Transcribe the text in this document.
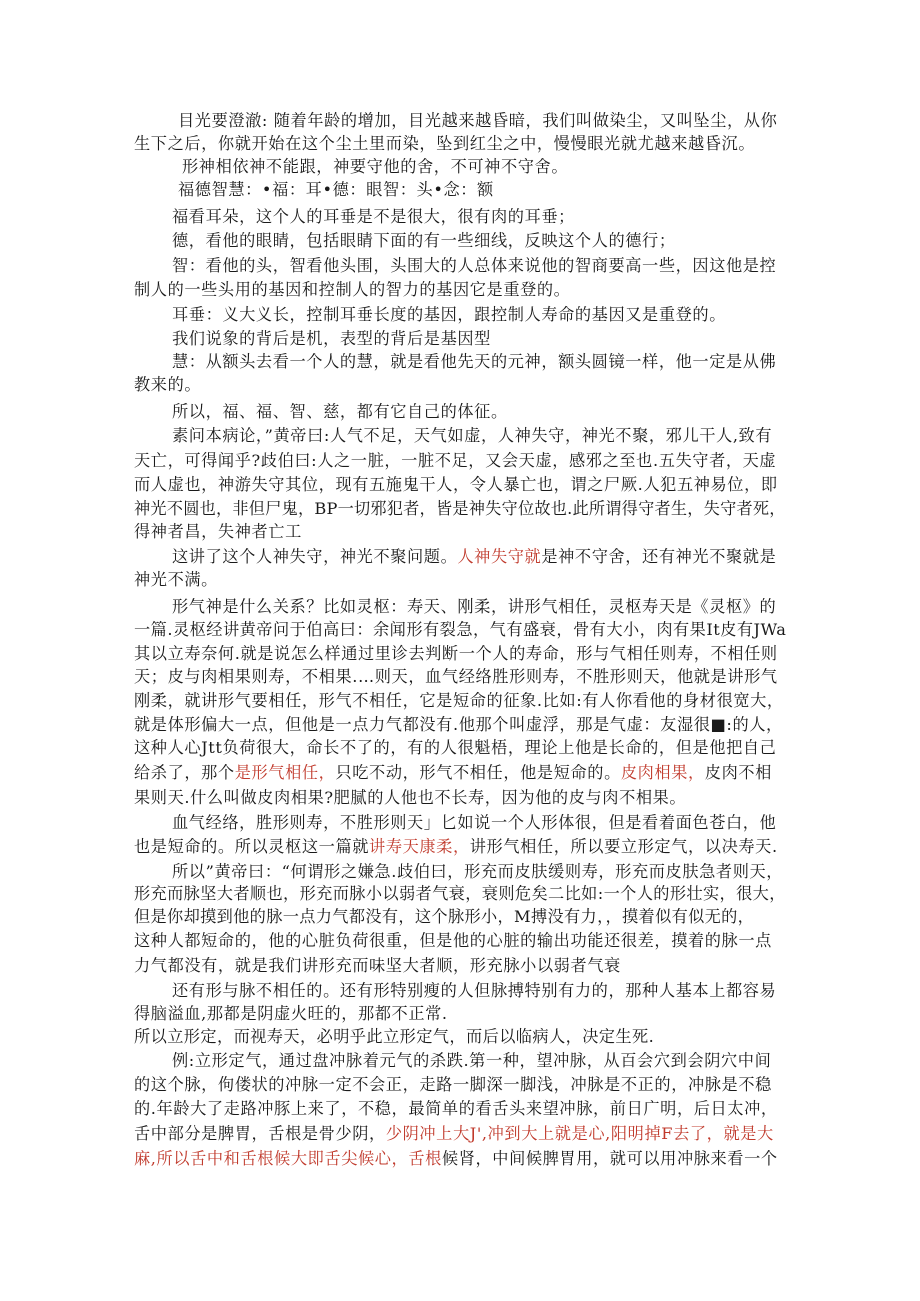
目光要澄澈: 随着年龄的增加，目光越来越昏暗，我们叫做染尘，又叫坠尘，从你
生下之后，你就开始在这个尘土里而染，坠到红尘之中，慢慢眼光就尤越来越昏沉。
形神相依神不能跟，神要守他的舍，不可神不守舍。
福德智慧：•福：耳•德：眼智：头•念：额
福看耳朵，这个人的耳垂是不是很大，很有肉的耳垂；
德，看他的眼睛，包括眼睛下面的有一些细线，反映这个人的德行；
智：看他的头，智看他头围，头围大的人总体来说他的智商要高一些，因这他是控
制人的一些头用的基因和控制人的智力的基因它是重登的。
耳垂：义大义长，控制耳垂长度的基因，跟控制人寿命的基因又是重登的。
我们说象的背后是机，表型的背后是基因型
慧：从额头去看一个人的慧，就是看他先天的元神，额头圆镜一样，他一定是从佛
教来的。
所以，福、福、智、慈，都有它自己的体征。
素问本病论，”黄帝曰:人气不足，天气如虚，人神失守，神光不聚，邪儿干人,致有
天亡，可得闻乎?歧伯曰:人之一脏，一脏不足，又会天虚，感邪之至也.五失守者，天虚
而人虚也，神游失守其位，现有五施鬼干人，令人暴亡也，谓之尸厥.人犯五神易位，即
神光不圆也，非但尸鬼，BP一切邪犯者，皆是神失守位故也.此所谓得守者生，失守者死，
得神者昌，失神者亡工
这讲了这个人神失守，神光不聚问题。人神失守就是神不守舍，还有神光不聚就是
神光不满。
形气神是什么关系？比如灵枢：寿天、刚柔，讲形气相任，灵枢寿天是《灵枢》的
一篇.灵枢经讲黄帝问于伯高曰：余闻形有裂急，气有盛衰，骨有大小，肉有果It皮有JWa
其以立寿奈何.就是说怎么样通过里诊去判断一个人的寿命，形与气相任则寿，不相任则
天；皮与肉相果则寿，不相果.…则天，血气经络胜形则寿，不胜形则天，他就是讲形气
刚柔，就讲形气要相任，形气不相任，它是短命的征象.比如:有人你看他的身材很宽大，
就是体形偏大一点，但他是一点力气都没有.他那个叫虚浮，那是气虚：友湿很■:的人，
这种人心Jtt负荷很大，命长不了的，有的人很魁梧，理论上他是长命的，但是他把自己
给杀了，那个是形气相任，只吃不动，形气不相任，他是短命的。皮肉相果，皮肉不相
果则天.什么叫做皮肉相果?肥腻的人他也不长寿，因为他的皮与肉不相果。
血气经络，胜形则寿，不胜形则天」匕如说一个人形体很，但是看着面色苍白，他
也是短命的。所以灵枢这一篇就讲寿天康柔，讲形气相任，所以要立形定气，以决寿天.
所以”黄帝曰：“何谓形之嫌急.歧伯曰，形充而皮肤缓则寿，形充而皮肤急者则天，
形充而脉坚大者顺也，形充而脉小以弱者气衰，衰则危矣二比如:一个人的形壮实，很大，
但是你却摸到他的脉一点力气都没有，这个脉形小，M搏没有力，，摸着似有似无的，
这种人都短命的，他的心脏负荷很重，但是他的心脏的输出功能还很差，摸着的脉一点
力气都没有，就是我们讲形充而味坚大者顺，形充脉小以弱者气衰
还有形与脉不相任的。还有形特别瘦的人但脉搏特别有力的，那种人基本上都容易
得脑溢血,那都是阴虚火旺的，那都不正常.
所以立形定，而视寿天，必明乎此立形定气，而后以临病人，决定生死.
例:立形定气，通过盘冲脉着元气的杀跌.第一种，望冲脉，从百会穴到会阴穴中间
的这个脉，佝偻状的冲脉一定不会正，走路一脚深一脚浅，冲脉是不正的，冲脉是不稳
的.年龄大了走路冲豚上来了，不稳，最简单的看舌头来望冲脉，前日广明，后日太冲，
舌中部分是脾胃，舌根是骨少阴，少阴冲上大J',冲到大上就是心,阳明掉F去了，就是大
麻,所以舌中和舌根候大即舌尖候心，舌根候肾，中间候脾胃用，就可以用冲脉来看一个
